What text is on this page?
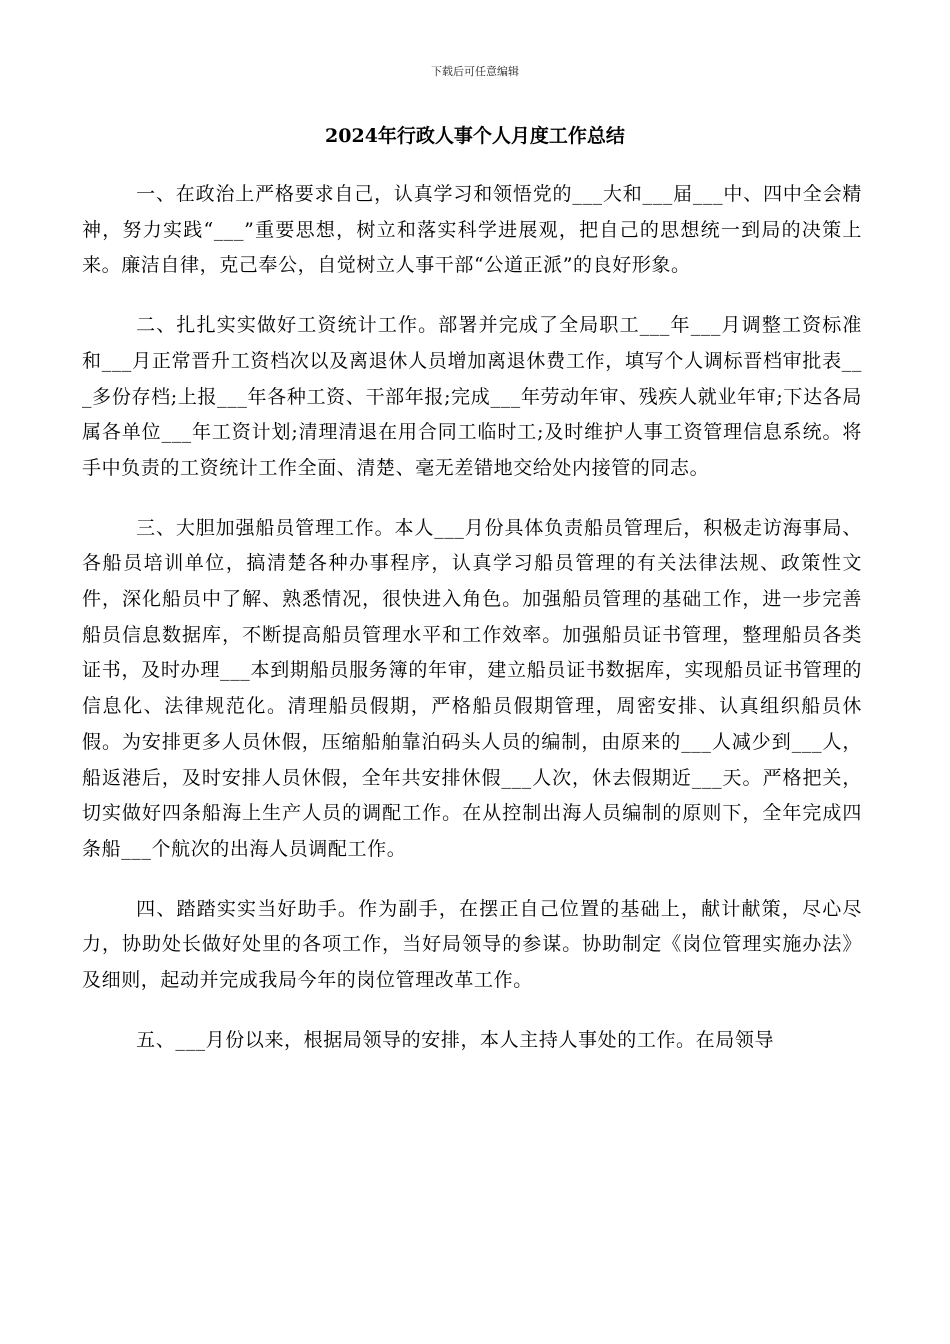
下载后可任意编辑
2024年行政人事个人月度工作总结

一、在政治上严格要求自己，认真学习和领悟党的___大和___届___中、四中全会精神，努力实践“___”重要思想，树立和落实科学进展观，把自己的思想统一到局的决策上来。廉洁自律，克己奉公，自觉树立人事干部“公道正派”的良好形象。

二、扎扎实实做好工资统计工作。部署并完成了全局职工___年___月调整工资标准和___月正常晋升工资档次以及离退休人员增加离退休费工作，填写个人调标晋档审批表___多份存档;上报___年各种工资、干部年报;完成___年劳动年审、残疾人就业年审;下达各局属各单位___年工资计划;清理清退在用合同工临时工;及时维护人事工资管理信息系统。将手中负责的工资统计工作全面、清楚、毫无差错地交给处内接管的同志。

三、大胆加强船员管理工作。本人___月份具体负责船员管理后，积极走访海事局、各船员培训单位，搞清楚各种办事程序，认真学习船员管理的有关法律法规、政策性文件，深化船员中了解、熟悉情况，很快进入角色。加强船员管理的基础工作，进一步完善船员信息数据库，不断提高船员管理水平和工作效率。加强船员证书管理，整理船员各类证书，及时办理___本到期船员服务簿的年审，建立船员证书数据库，实现船员证书管理的信息化、法律规范化。清理船员假期，严格船员假期管理，周密安排、认真组织船员休假。为安排更多人员休假，压缩船舶靠泊码头人员的编制，由原来的___人减少到___人，船返港后，及时安排人员休假，全年共安排休假___人次，休去假期近___天。严格把关，切实做好四条船海上生产人员的调配工作。在从控制出海人员编制的原则下，全年完成四条船___个航次的出海人员调配工作。

四、踏踏实实当好助手。作为副手，在摆正自己位置的基础上，献计献策，尽心尽力，协助处长做好处里的各项工作，当好局领导的参谋。协助制定《岗位管理实施办法》及细则，起动并完成我局今年的岗位管理改革工作。

五、___月份以来，根据局领导的安排，本人主持人事处的工作。在局领导
